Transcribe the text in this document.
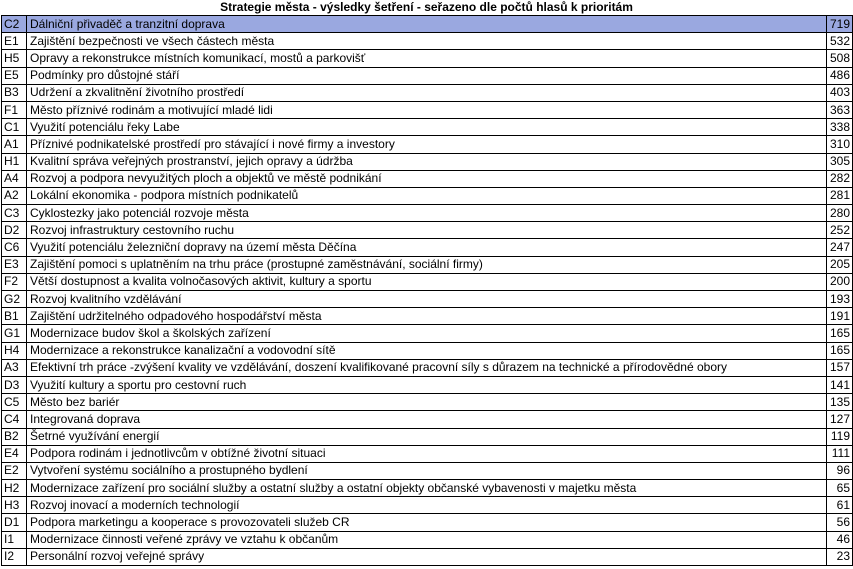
Strategie města - výsledky šetření - seřazeno dle počtů hlasů k prioritám
C2	Dálniční přivaděč a tranzitní doprava	719
E1	Zajištění bezpečnosti ve všech částech města	532
H5	Opravy a rekonstrukce místních komunikací, mostů a parkovišť	508
E5	Podmínky pro důstojné stáří	486
B3	Udržení a zkvalitnění životního prostředí	403
F1	Město příznivé rodinám a motivující mladé lidi	363
C1	Využití potenciálu řeky Labe	338
A1	Příznivé podnikatelské prostředí pro stávající i nové firmy a investory	310
H1	Kvalitní správa veřejných prostranství, jejich opravy a údržba	305
A4	Rozvoj a podpora nevyužitých ploch a objektů ve městě podnikání	282
A2	Lokální ekonomika - podpora místních podnikatelů	281
C3	Cyklostezky jako potenciál rozvoje města	280
D2	Rozvoj infrastruktury cestovního ruchu	252
C6	Využití potenciálu železniční dopravy na území města Děčína	247
E3	Zajištění pomoci s uplatněním na trhu práce (prostupné zaměstnávání, sociální firmy)	205
F2	Větší dostupnost a kvalita volnočasových aktivit, kultury a sportu	200
G2	Rozvoj kvalitního vzdělávání	193
B1	Zajištění udržitelného odpadového hospodářství města	191
G1	Modernizace budov škol a školských zařízení	165
H4	Modernizace a rekonstrukce kanalizační a vodovodní sítě	165
A3	Efektivní trh práce -zvýšení kvality ve vzdělávání, doszení kvalifikované pracovní síly s důrazem na technické a přírodovědné obory	157
D3	Využití kultury a sportu pro cestovní ruch	141
C5	Město bez bariér	135
C4	Integrovaná doprava	127
B2	Šetrné využívání energií	119
E4	Podpora rodinám i jednotlivcům v obtížné životní situaci	111
E2	Vytvoření systému sociálního a prostupného bydlení	96
H2	Modernizace zařízení pro sociální služby a ostatní služby a ostatní objekty občanské vybavenosti v majetku města	65
H3	Rozvoj inovací a moderních technologií	61
D1	Podpora marketingu a kooperace s provozovateli služeb CR	56
I1	Modernizace činnosti veřené zprávy ve vztahu k občanům	46
I2	Personální rozvoj veřejné správy	23
